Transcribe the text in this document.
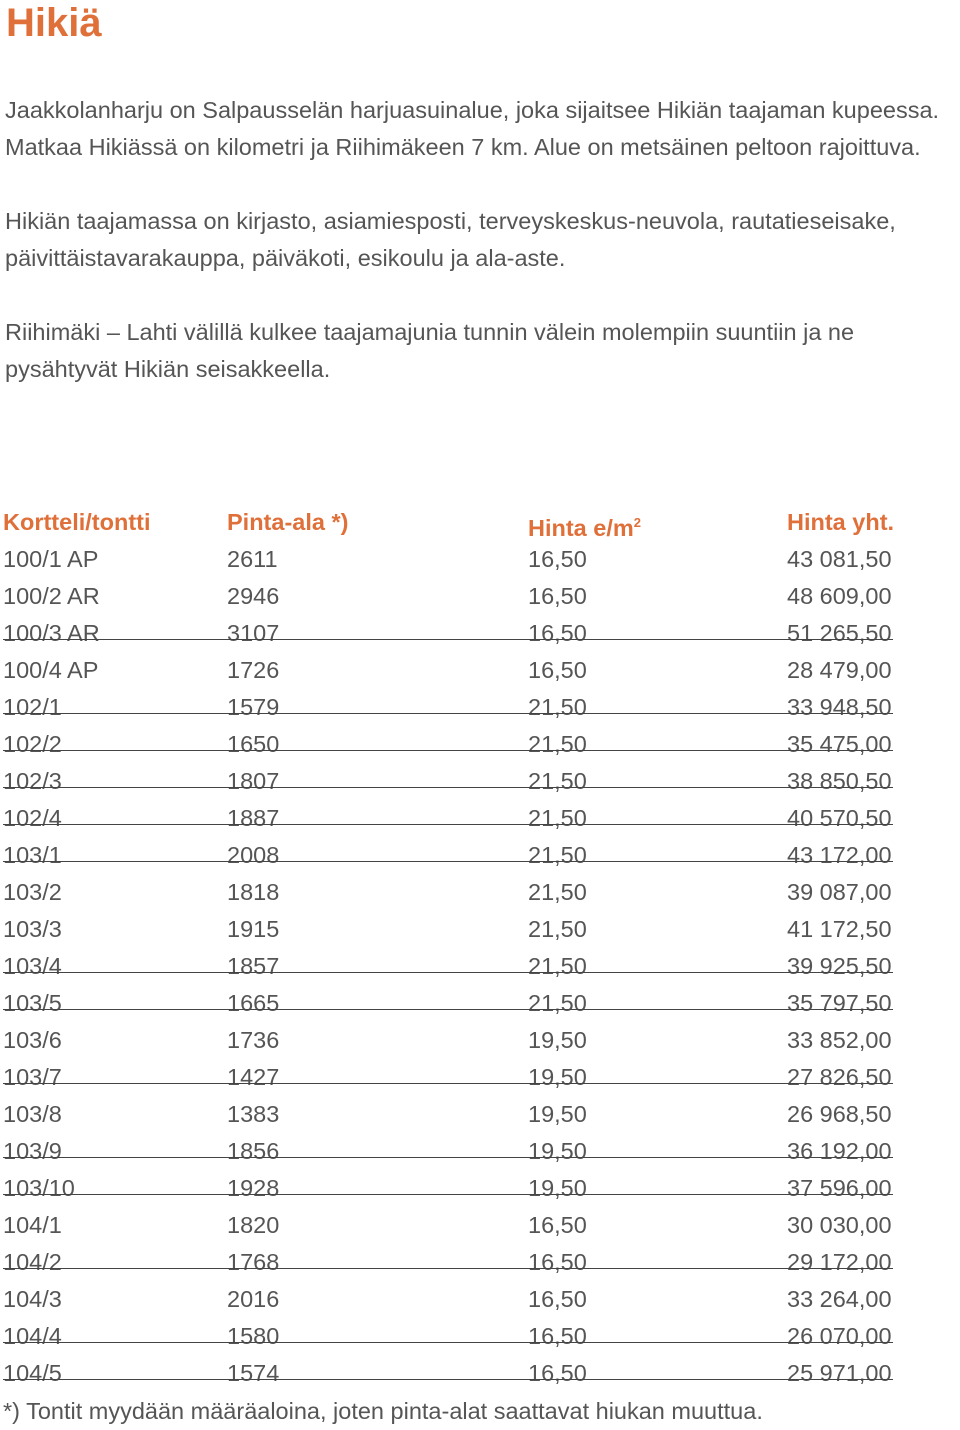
Hikiä
Jaakkolanharju on Salpausselän harjuasuinalue, joka sijaitsee Hikiän taajaman kupeessa. Matkaa Hikiässä on kilometri ja Riihimäkeen 7 km. Alue on metsäinen peltoon rajoittuva.
Hikiän taajamassa on kirjasto, asiamiesposti, terveyskeskus-neuvola, rautatieseisake, päivittäistavarakauppa, päiväkoti, esikoulu ja ala-aste.
Riihimäki – Lahti välillä kulkee taajamajunia tunnin välein molempiin suuntiin ja ne pysähtyvät Hikiän seisakkeella.
Kortteli/tontti	Pinta-ala *)	Hinta $e/m^2$	Hinta yht.
100/1 AP	2611	16,50	43 081,50
100/2 AR	2946	16,50	48 609,00
100/3 AR	3107	16,50	51 265,50
100/4 AP	1726	16,50	28 479,00
102/1	1579	21,50	33 948,50
102/2	1650	21,50	35 475,00
102/3	1807	21,50	38 850,50
102/4	1887	21,50	40 570,50
103/1	2008	21,50	43 172,00
103/2	1818	21,50	39 087,00
103/3	1915	21,50	41 172,50
103/4	1857	21,50	39 925,50
103/5	1665	21,50	35 797,50
103/6	1736	19,50	33 852,00
103/7	1427	19,50	27 826,50
103/8	1383	19,50	26 968,50
103/9	1856	19,50	36 192,00
103/10	1928	19,50	37 596,00
104/1	1820	16,50	30 030,00
104/2	1768	16,50	29 172,00
104/3	2016	16,50	33 264,00
104/4	1580	16,50	26 070,00
104/5	1574	16,50	25 971,00
*) Tontit myydään määräaloina, joten pinta-alat saattavat hiukan muuttua.
